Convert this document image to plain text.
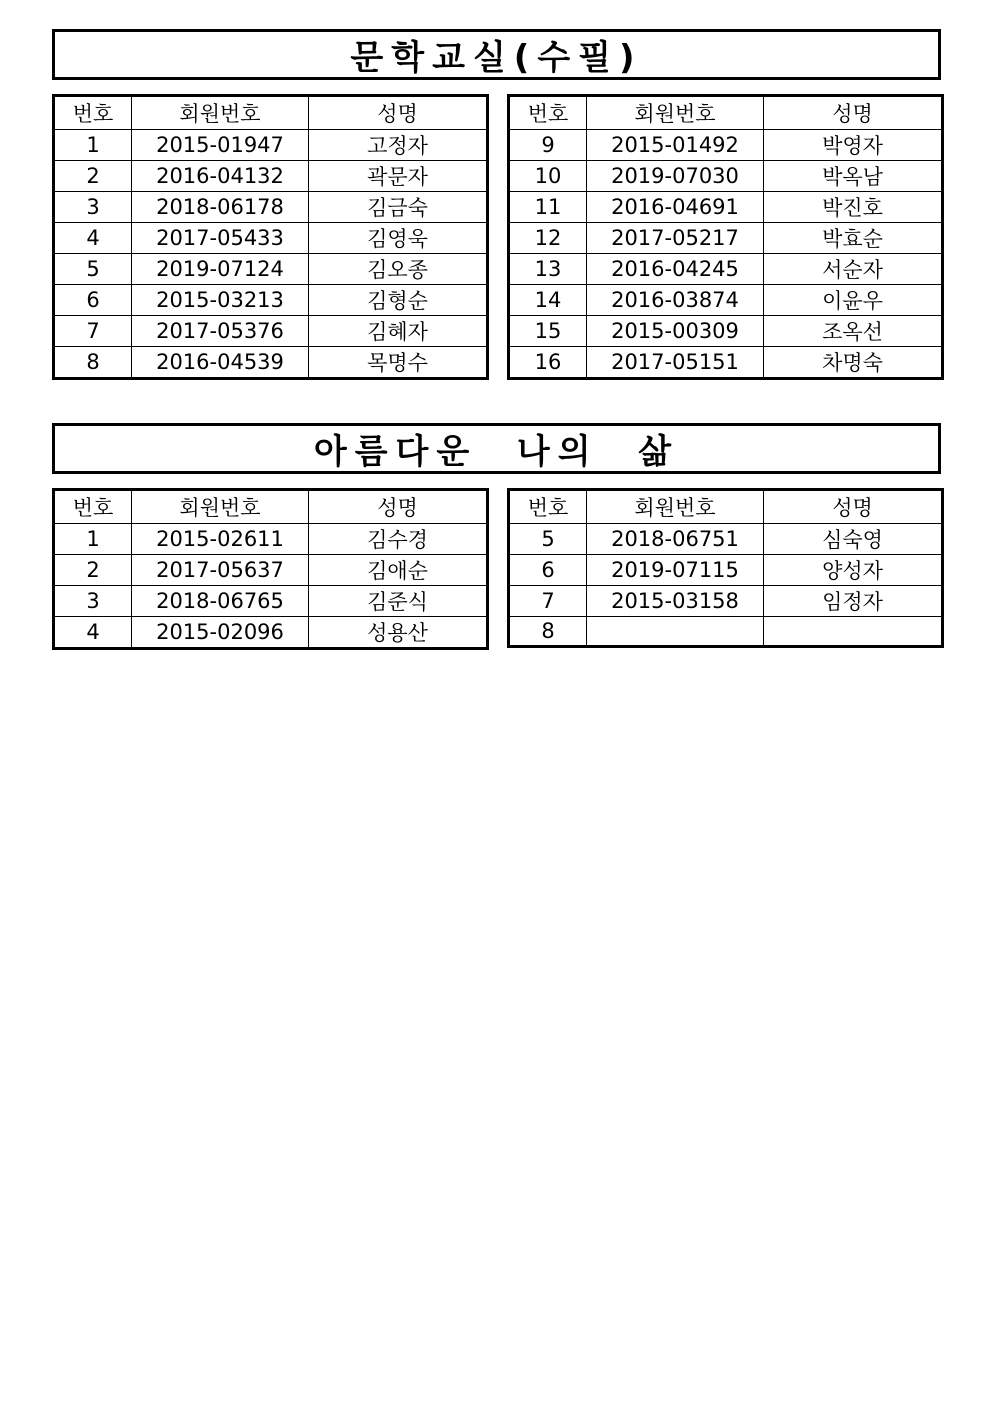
문학교실(수필)
번호	회원번호	성명
1	2015-01947	고정자
2	2016-04132	곽문자
3	2018-06178	김금숙
4	2017-05433	김영욱
5	2019-07124	김오종
6	2015-03213	김형순
7	2017-05376	김혜자
8	2016-04539	목명수
번호	회원번호	성명
9	2015-01492	박영자
10	2019-07030	박옥남
11	2016-04691	박진호
12	2017-05217	박효순
13	2016-04245	서순자
14	2016-03874	이윤우
15	2015-00309	조옥선
16	2017-05151	차명숙
아름다운  나의  삶
번호	회원번호	성명
1	2015-02611	김수경
2	2017-05637	김애순
3	2018-06765	김준식
4	2015-02096	성용산
번호	회원번호	성명
5	2018-06751	심숙영
6	2019-07115	양성자
7	2015-03158	임정자
8		
